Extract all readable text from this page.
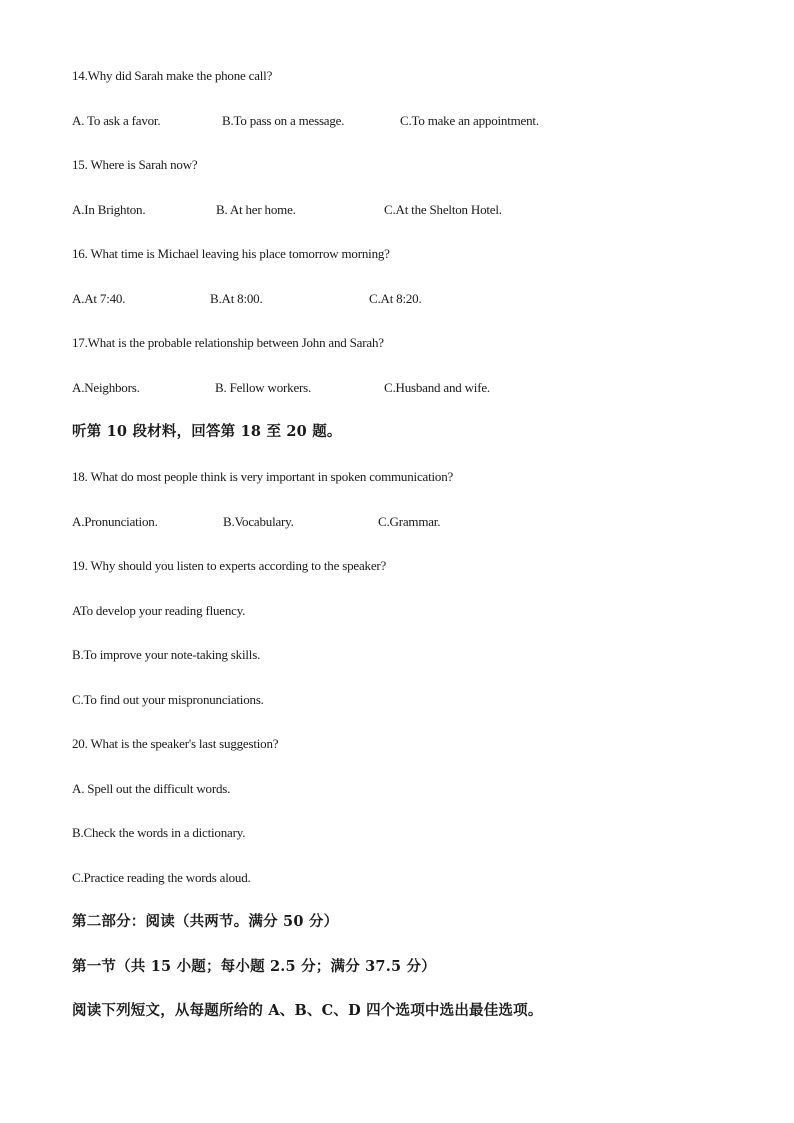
14.Why did Sarah make the phone call?
A. To ask a favor.	B.To pass on a message.	C.To make an appointment.
15. Where is Sarah now?
A.In Brighton.	B. At her home.	C.At the Shelton Hotel.
16. What time is Michael leaving his place tomorrow morning?
A.At 7:40.	B.At 8:00.	C.At 8:20.
17.What is the probable relationship between John and Sarah?
A.Neighbors.	B. Fellow workers.	C.Husband and wife.
听第 10 段材料，回答第 18 至 20 题。
18. What do most people think is very important in spoken communication?
A.Pronunciation.	B.Vocabulary.	C.Grammar.
19. Why should you listen to experts according to the speaker?
ATo develop your reading fluency.
B.To improve your note-taking skills.
C.To find out your mispronunciations.
20. What is the speaker's last suggestion?
A. Spell out the difficult words.
B.Check the words in a dictionary.
C.Practice reading the words aloud.
第二部分：阅读（共两节。满分 50 分）
第一节（共 15 小题；每小题 2.5 分；满分 37.5 分）
阅读下列短文，从每题所给的 A、B、C、D 四个选项中选出最佳选项。
